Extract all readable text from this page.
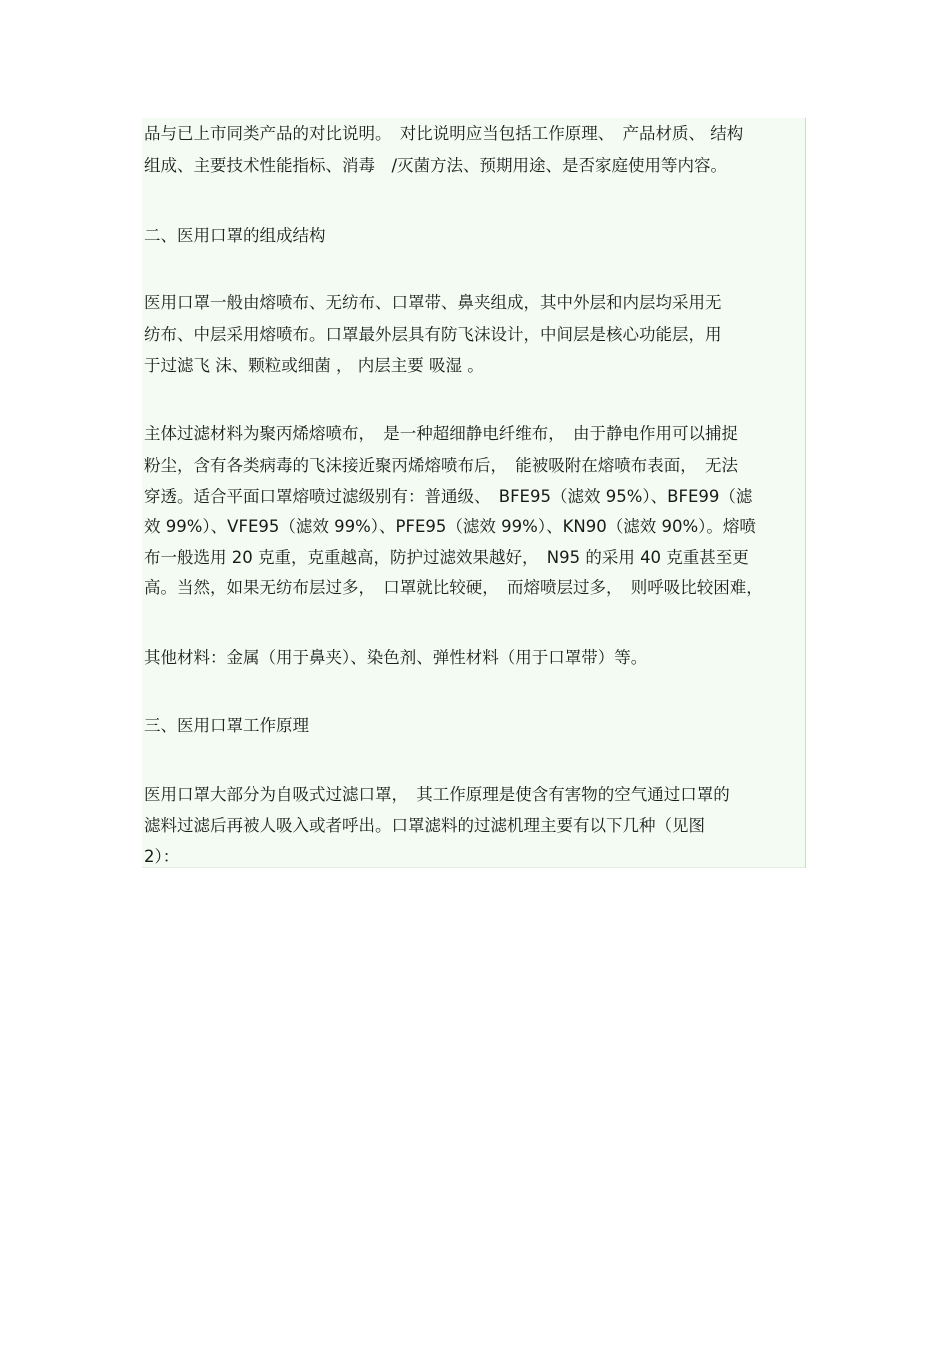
品与已上市同类产品的对比说明。　对比说明应当包括工作原理、　产品材质、 结构

组成、主要技术性能指标、消毒　/灭菌方法、预期用途、是否家庭使用等内容。

二、医用口罩的组成结构

医用口罩一般由熔喷布、无纺布、口罩带、鼻夹组成，其中外层和内层均采用无

纺布、中层采用熔喷布。口罩最外层具有防飞沫设计，中间层是核心功能层，用

于过滤飞 沫、颗粒或细菌 ， 内层主要 吸湿 。

主体过滤材料为聚丙烯熔喷布，　是一种超细静电纤维布，　由于静电作用可以捕捉

粉尘，含有各类病毒的飞沫接近聚丙烯熔喷布后，　能被吸附在熔喷布表面，　无法

穿透。适合平面口罩熔喷过滤级别有：普通级、　BFE95（滤效 95%）、BFE99（滤

效 99%）、VFE95（滤效 99%）、PFE95（滤效 99%）、KN90（滤效 90%）。熔喷

布一般选用 20 克重，克重越高，防护过滤效果越好，　N95 的采用 40 克重甚至更

高。当然，如果无纺布层过多，　口罩就比较硬，　而熔喷层过多，　则呼吸比较困难，

其他材料：金属（用于鼻夹）、染色剂、弹性材料（用于口罩带）等。

三、医用口罩工作原理

医用口罩大部分为自吸式过滤口罩，　其工作原理是使含有害物的空气通过口罩的

滤料过滤后再被人吸入或者呼出。口罩滤料的过滤机理主要有以下几种（见图

2）：
